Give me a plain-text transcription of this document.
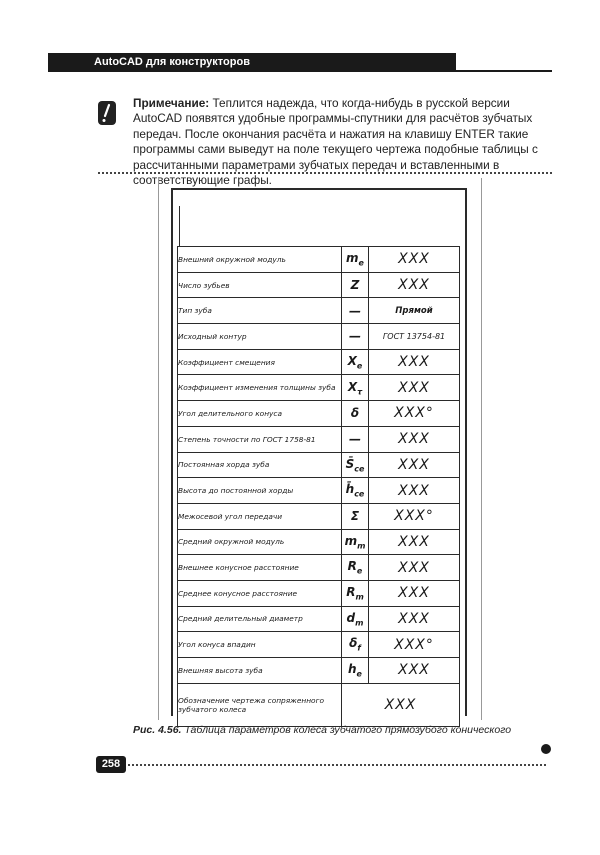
AutoCAD для конструкторов
Примечание: Теплится надежда, что когда-нибудь в русской версии AutoCAD появятся удобные программы-спутники для расчётов зубчатых передач. После окончания расчёта и нажатия на клавишу ENTER такие программы сами выведут на поле текущего чертежа подобные таблицы с рассчитанными параметрами зубчатых передач и вставленными в соответствующие графы.
Внешний окружной модуль	$m_e$	XXX
Число зубьев	Z	XXX
Тип зуба	—	Прямой
Исходный контур	—	ГОСТ 13754-81
Коэффициент смещения	$X_e$	XXX
Коэффициент изменения толщины зуба	$X_\tau$	XXX
Угол делительного конуса	δ	XXX°
Степень точности по ГОСТ 1758-81	—	XXX
Постоянная хорда зуба	$S̄_{ce}$	XXX
Высота до постоянной хорды	$h̄_{ce}$	XXX
Межосевой угол передачи	Σ	XXX°
Средний окружной модуль	$m_m$	XXX
Внешнее конусное расстояние	$R_e$	XXX
Среднее конусное расстояние	$R_m$	XXX
Средний делительный диаметр	$d_m$	XXX
Угол конуса впадин	$\delta_f$	XXX°
Внешняя высота зуба	$h_e$	XXX
Обозначение чертежа сопряженного зубчатого колеса	XXX	
Рис. 4.56. Таблица параметров колеса зубчатого прямозубого конического
258
